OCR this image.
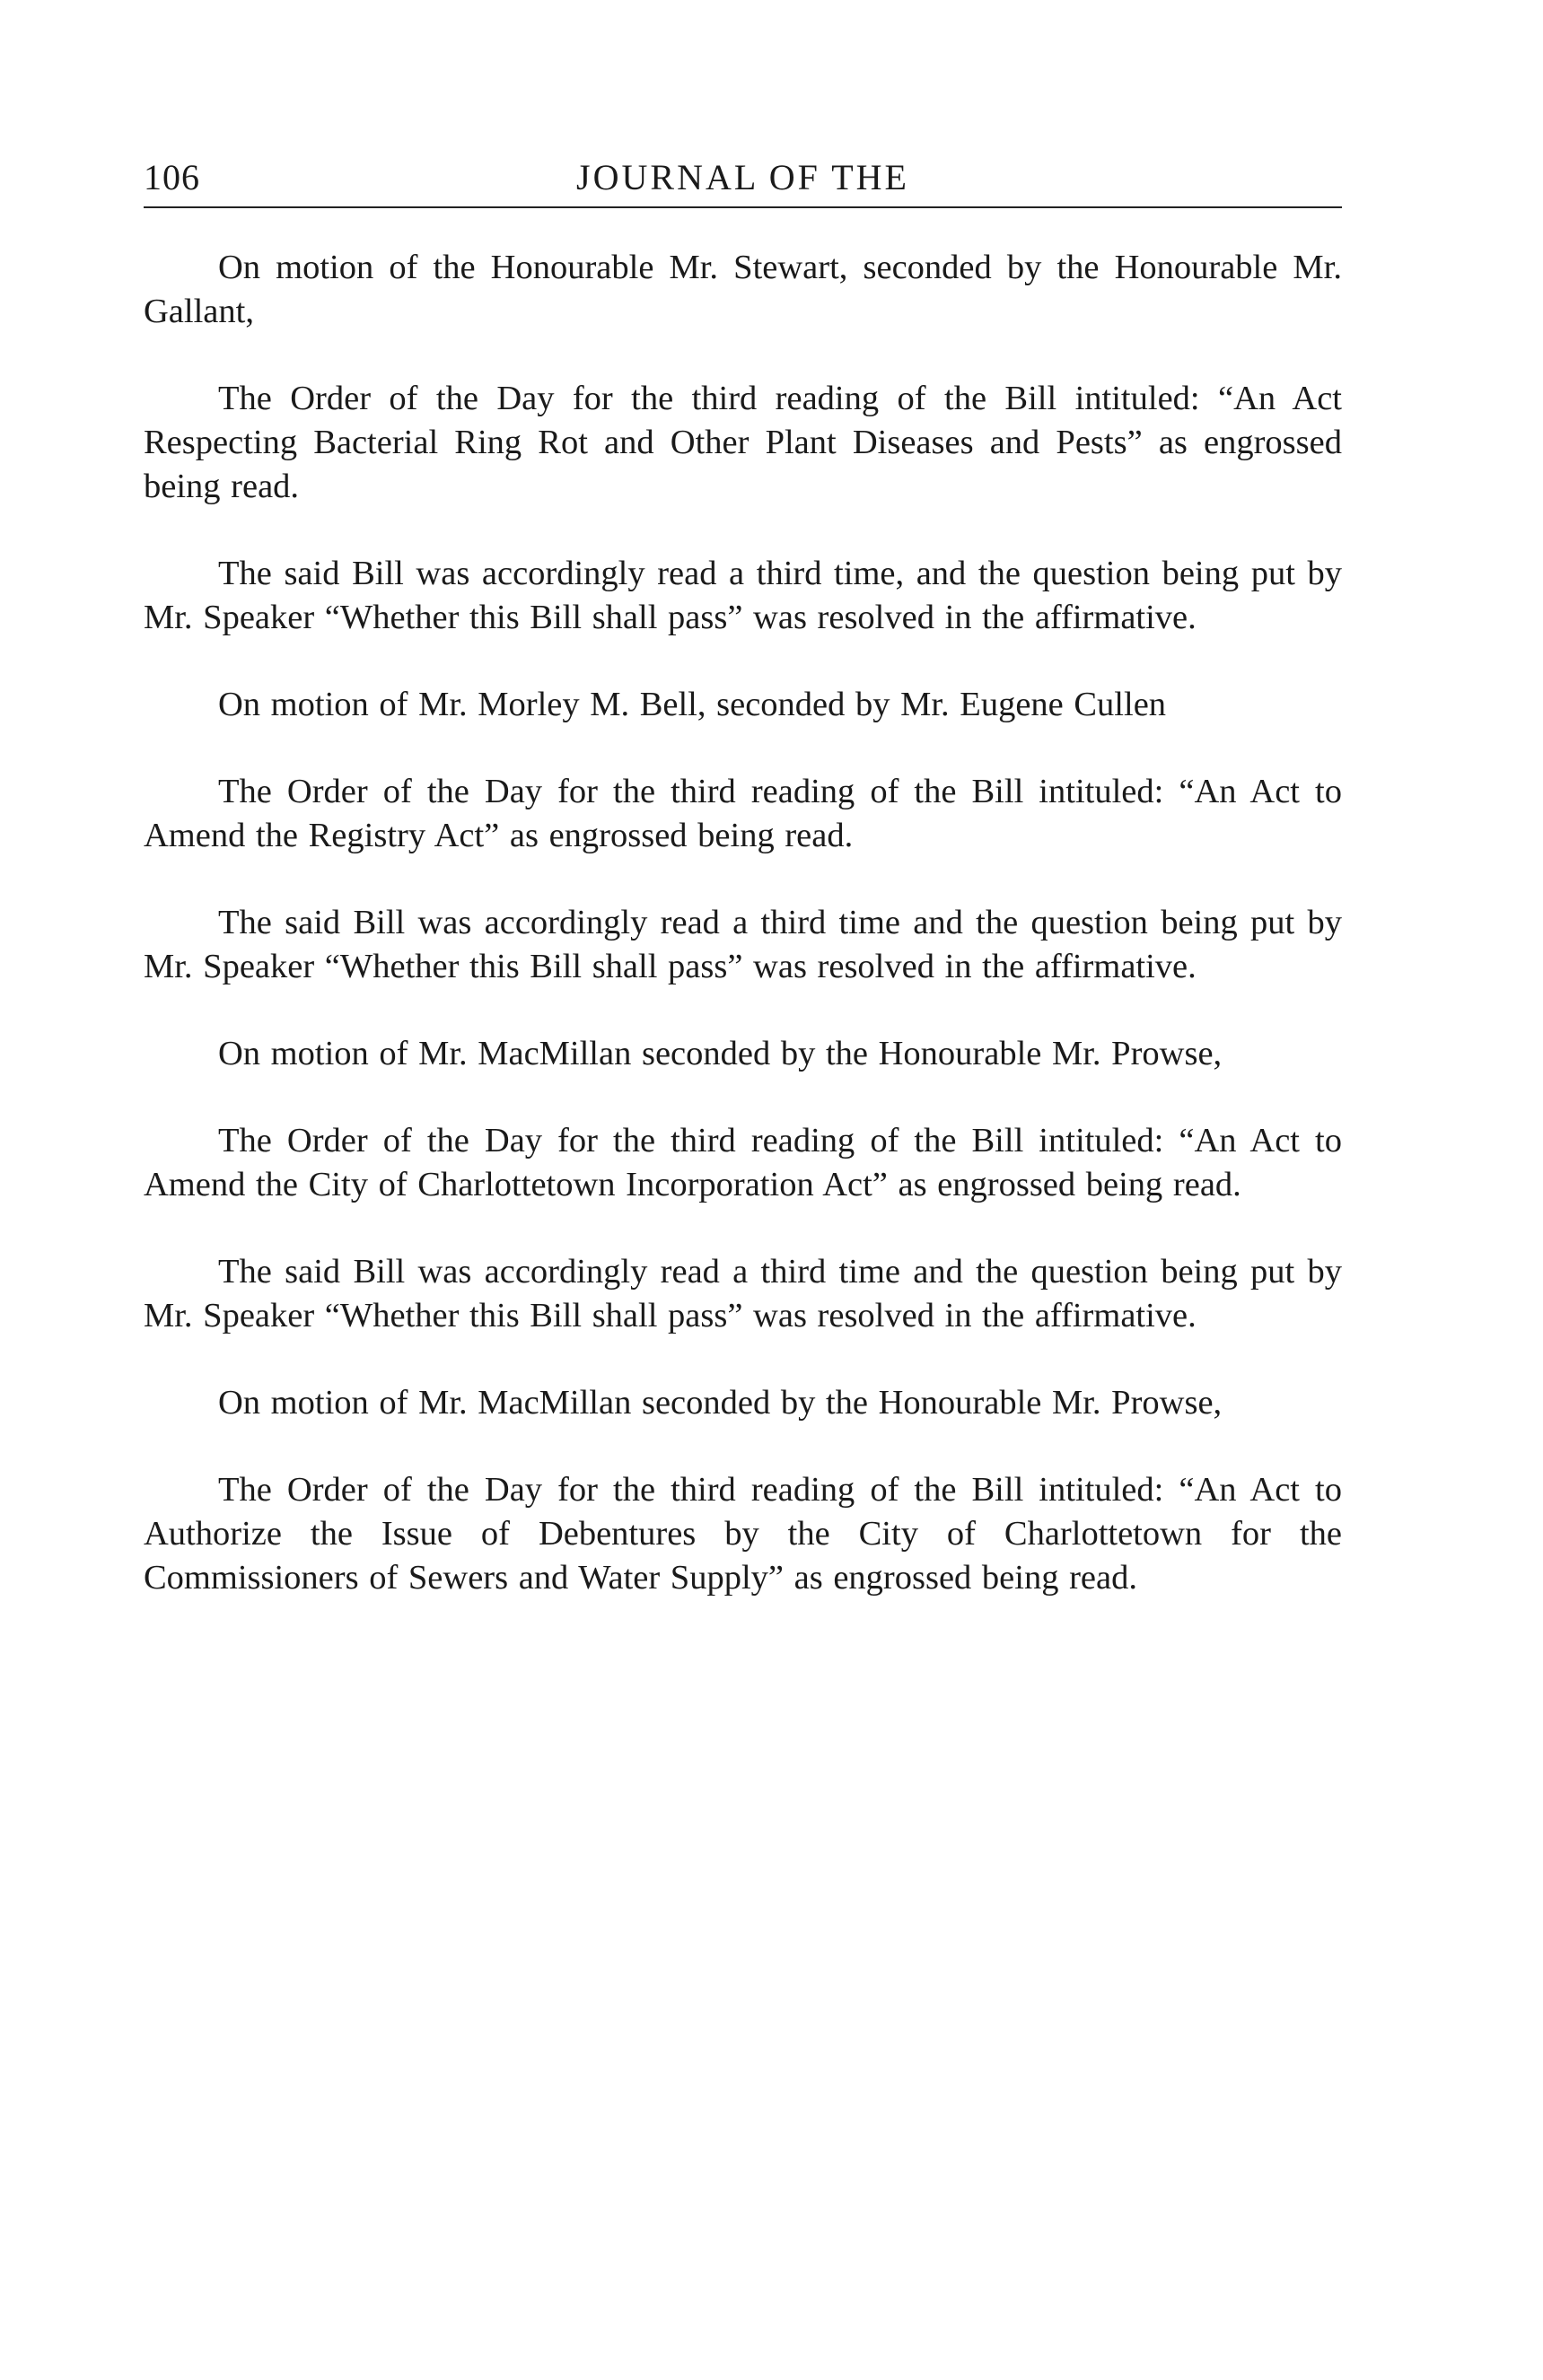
106	JOURNAL OF THE

On motion of the Honourable Mr. Stewart, seconded by the Honourable Mr. Gallant,

The Order of the Day for the third reading of the Bill intituled: “An Act Respecting Bacterial Ring Rot and Other Plant Diseases and Pests” as engrossed being read.

The said Bill was accordingly read a third time, and the question being put by Mr. Speaker “Whether this Bill shall pass” was resolved in the affirmative.

On motion of Mr. Morley M. Bell, seconded by Mr. Eugene Cullen

The Order of the Day for the third reading of the Bill intituled: “An Act to Amend the Registry Act” as engrossed being read.

The said Bill was accordingly read a third time and the question being put by Mr. Speaker “Whether this Bill shall pass” was resolved in the affirmative.

On motion of Mr. MacMillan seconded by the Honourable Mr. Prowse,

The Order of the Day for the third reading of the Bill intituled: “An Act to Amend the City of Charlottetown Incorporation Act” as engrossed being read.

The said Bill was accordingly read a third time and the question being put by Mr. Speaker “Whether this Bill shall pass” was resolved in the affirmative.

On motion of Mr. MacMillan seconded by the Honourable Mr. Prowse,

The Order of the Day for the third reading of the Bill intituled: “An Act to Authorize the Issue of Debentures by the City of Charlottetown for the Commissioners of Sewers and Water Supply” as engrossed being read.
